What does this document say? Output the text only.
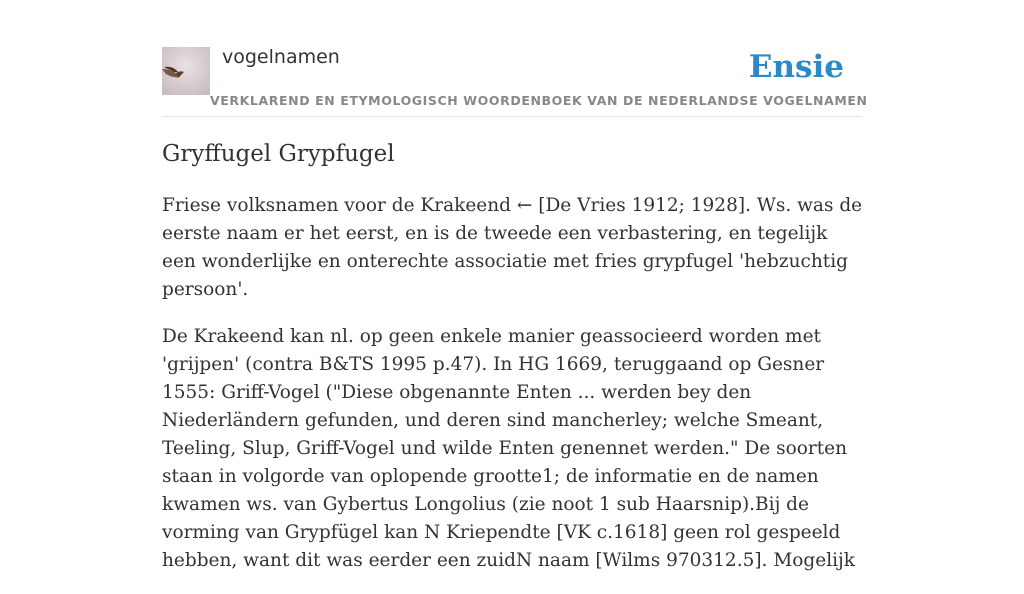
vogelnamen	Ensie
VERKLAREND EN ETYMOLOGISCH WOORDENBOEK VAN DE NEDERLANDSE VOGELNAMEN
Gryffugel Grypfugel

Friese volksnamen voor de Krakeend ← [De Vries 1912; 1928]. Ws. was de eerste naam er het eerst, en is de tweede een verbastering, en tegelijk een wonderlijke en onterechte associatie met fries grypfugel 'hebzuchtig persoon'.

De Krakeend kan nl. op geen enkele manier geassocieerd worden met 'grijpen' (contra B&TS 1995 p.47). In HG 1669, teruggaand op Gesner 1555: Griff-Vogel ("Diese obgenannte Enten ... werden bey den Niederländern gefunden, und deren sind mancherley; welche Smeant, Teeling, Slup, Griff-Vogel und wilde Enten genennet werden." De soorten staan in volgorde van oplopende grootte1; de informatie en de namen kwamen ws. van Gybertus Longolius (zie noot 1 sub Haarsnip).Bij de vorming van Grypfügel kan N Kriependte [VK c.1618] geen rol gespeeld hebben, want dit was eerder een zuidN naam [Wilms 970312.5]. Mogelijk
